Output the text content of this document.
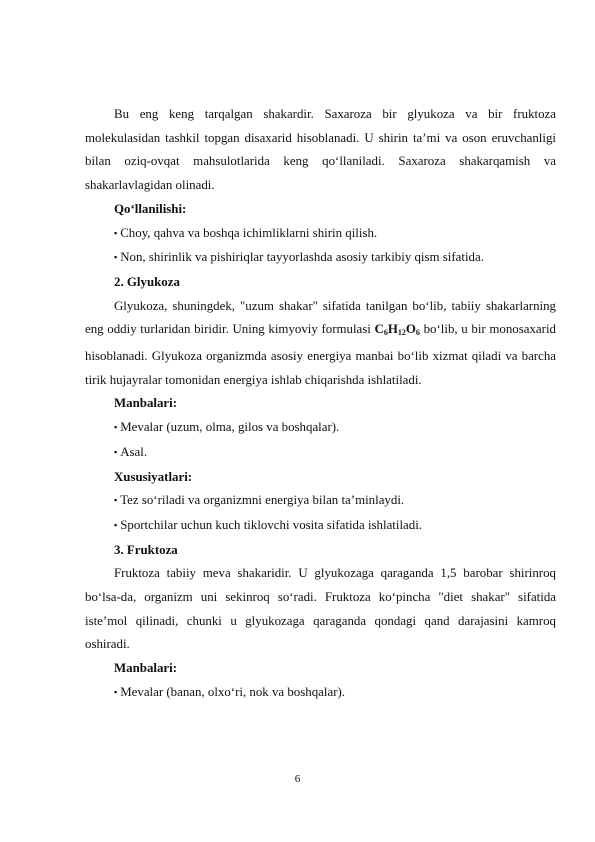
Bu eng keng tarqalgan shakardir. Saxaroza bir glyukoza va bir fruktoza molekulasidan tashkil topgan disaxarid hisoblanadi. U shirin ta’mi va oson eruvchanligi bilan oziq-ovqat mahsulotlarida keng qo‘llaniladi. Saxaroza shakarqamish va shakarlavlagidan olinadi.

Qo‘llanilishi:

▪ Choy, qahva va boshqa ichimliklarni shirin qilish.

▪ Non, shirinlik va pishiriqlar tayyorlashda asosiy tarkibiy qism sifatida.

2. Glyukoza

Glyukoza, shuningdek, "uzum shakar" sifatida tanilgan bo‘lib, tabiiy shakarlarning eng oddiy turlaridan biridir. Uning kimyoviy formulasi $C_6H_{12}O_6$ bo‘lib, u bir monosaxarid hisoblanadi. Glyukoza organizmda asosiy energiya manbai bo‘lib xizmat qiladi va barcha tirik hujayralar tomonidan energiya ishlab chiqarishda ishlatiladi.

Manbalari:

▪ Mevalar (uzum, olma, gilos va boshqalar).

▪ Asal.

Xususiyatlari:

▪ Tez so‘riladi va organizmni energiya bilan ta’minlaydi.

▪ Sportchilar uchun kuch tiklovchi vosita sifatida ishlatiladi.

3. Fruktoza

Fruktoza tabiiy meva shakaridir. U glyukozaga qaraganda 1,5 barobar shirinroq bo‘lsa-da, organizm uni sekinroq so‘radi. Fruktoza ko‘pincha "diet shakar" sifatida iste’mol qilinadi, chunki u glyukozaga qaraganda qondagi qand darajasini kamroq oshiradi.

Manbalari:

▪ Mevalar (banan, olxo‘ri, nok va boshqalar).

6
